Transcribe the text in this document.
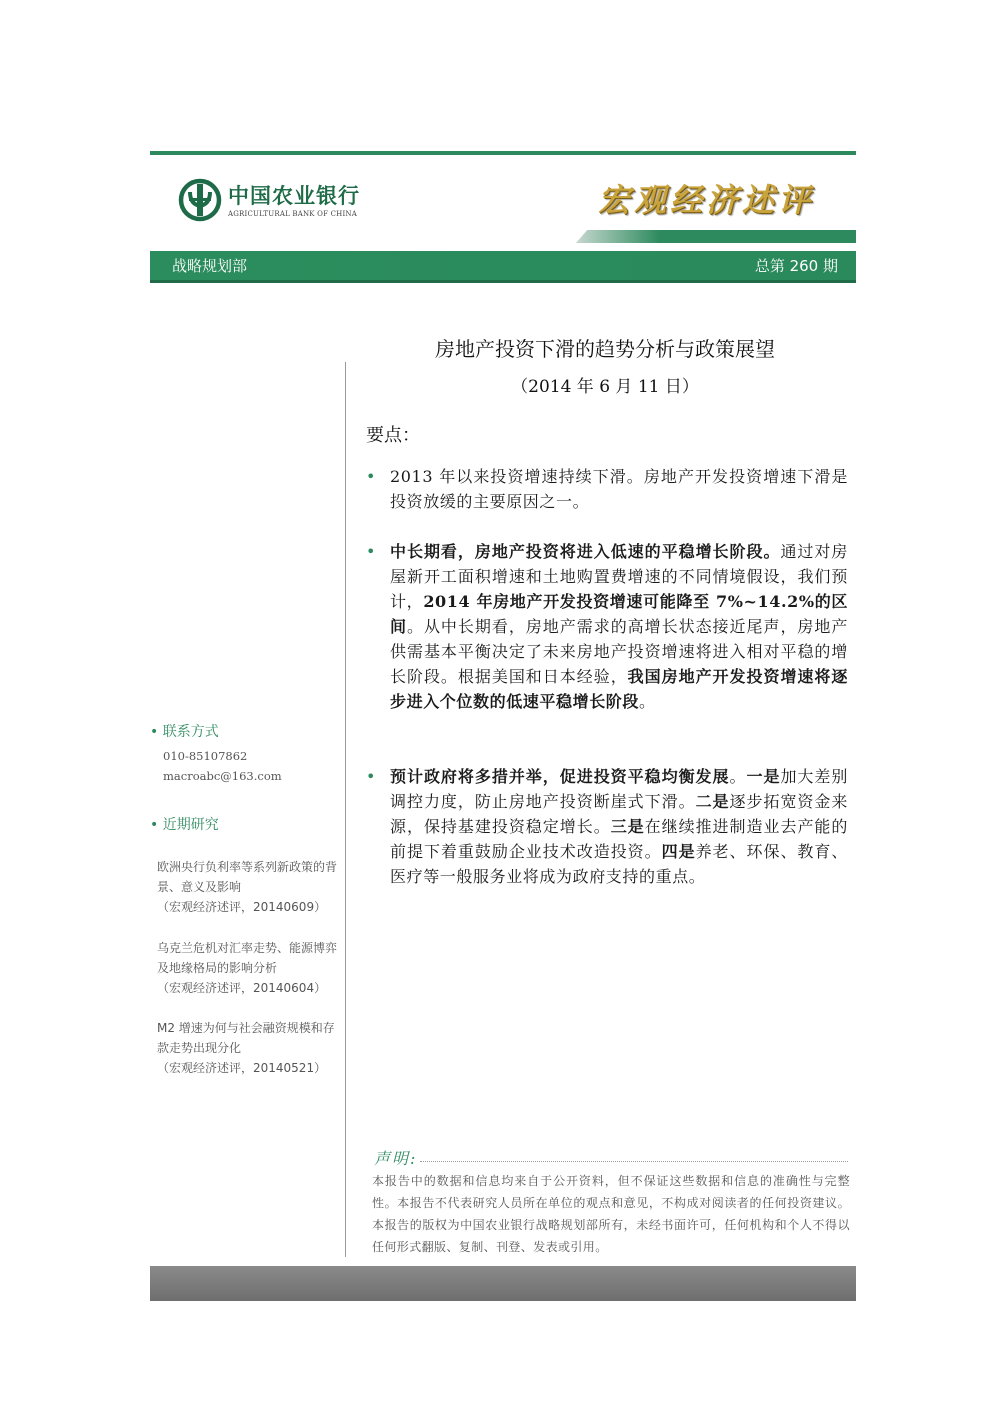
中国农业银行
AGRICULTURAL BANK OF CHINA	宏观经济述评
战略规划部	总第 260 期
房地产投资下滑的趋势分析与政策展望
（2014 年 6 月 11 日）
要点：
• 2013 年以来投资增速持续下滑。房地产开发投资增速下滑是投资放缓的主要原因之一。
• 中长期看，房地产投资将进入低速的平稳增长阶段。通过对房屋新开工面积增速和土地购置费增速的不同情境假设，我们预计，2014 年房地产开发投资增速可能降至 7%~14.2%的区间。从中长期看，房地产需求的高增长状态接近尾声，房地产供需基本平衡决定了未来房地产投资增速将进入相对平稳的增长阶段。根据美国和日本经验，我国房地产开发投资增速将逐步进入个位数的低速平稳增长阶段。
• 预计政府将多措并举，促进投资平稳均衡发展。一是加大差别调控力度，防止房地产投资断崖式下滑。二是逐步拓宽资金来源，保持基建投资稳定增长。三是在继续推进制造业去产能的前提下着重鼓励企业技术改造投资。四是养老、环保、教育、医疗等一般服务业将成为政府支持的重点。
• 联系方式
010-85107862
macroabc@163.com
• 近期研究
欧洲央行负利率等系列新政策的背景、意义及影响
（宏观经济述评，20140609）
乌克兰危机对汇率走势、能源博弈及地缘格局的影响分析
（宏观经济述评，20140604）
M2 增速为何与社会融资规模和存款走势出现分化
（宏观经济述评，20140521）
声明:
本报告中的数据和信息均来自于公开资料，但不保证这些数据和信息的准确性与完整性。本报告不代表研究人员所在单位的观点和意见，不构成对阅读者的任何投资建议。本报告的版权为中国农业银行战略规划部所有，未经书面许可，任何机构和个人不得以任何形式翻版、复制、刊登、发表或引用。
